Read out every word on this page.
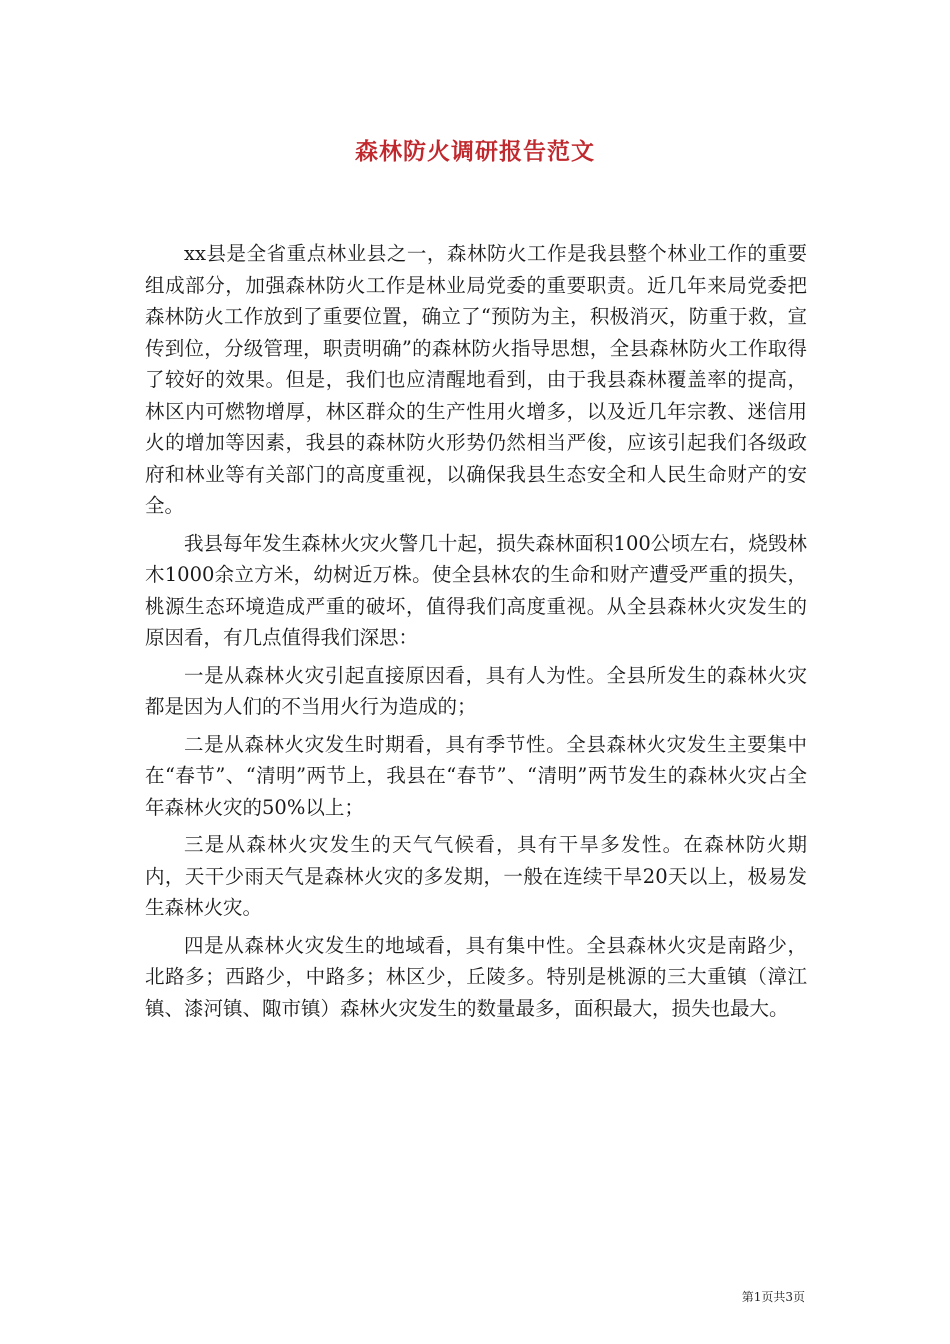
森林防火调研报告范文

xx县是全省重点林业县之一，森林防火工作是我县整个林业工作的重要组成部分，加强森林防火工作是林业局党委的重要职责。近几年来局党委把森林防火工作放到了重要位置，确立了“预防为主，积极消灭，防重于救，宣传到位，分级管理，职责明确”的森林防火指导思想，全县森林防火工作取得了较好的效果。但是，我们也应清醒地看到，由于我县森林覆盖率的提高，林区内可燃物增厚，林区群众的生产性用火增多，以及近几年宗教、迷信用火的增加等因素，我县的森林防火形势仍然相当严俊，应该引起我们各级政府和林业等有关部门的高度重视，以确保我县生态安全和人民生命财产的安全。

我县每年发生森林火灾火警几十起，损失森林面积100公顷左右，烧毁林木1000余立方米，幼树近万株。使全县林农的生命和财产遭受严重的损失，桃源生态环境造成严重的破坏，值得我们高度重视。从全县森林火灾发生的原因看，有几点值得我们深思：

一是从森林火灾引起直接原因看，具有人为性。全县所发生的森林火灾都是因为人们的不当用火行为造成的；

二是从森林火灾发生时期看，具有季节性。全县森林火灾发生主要集中在“春节”、“清明”两节上，我县在“春节”、“清明”两节发生的森林火灾占全年森林火灾的50%以上；

三是从森林火灾发生的天气气候看，具有干旱多发性。在森林防火期内，天干少雨天气是森林火灾的多发期，一般在连续干旱20天以上，极易发生森林火灾。

四是从森林火灾发生的地域看，具有集中性。全县森林火灾是南路少，北路多；西路少，中路多；林区少，丘陵多。特别是桃源的三大重镇（漳江镇、漆河镇、陬市镇）森林火灾发生的数量最多，面积最大，损失也最大。

第1页共3页
